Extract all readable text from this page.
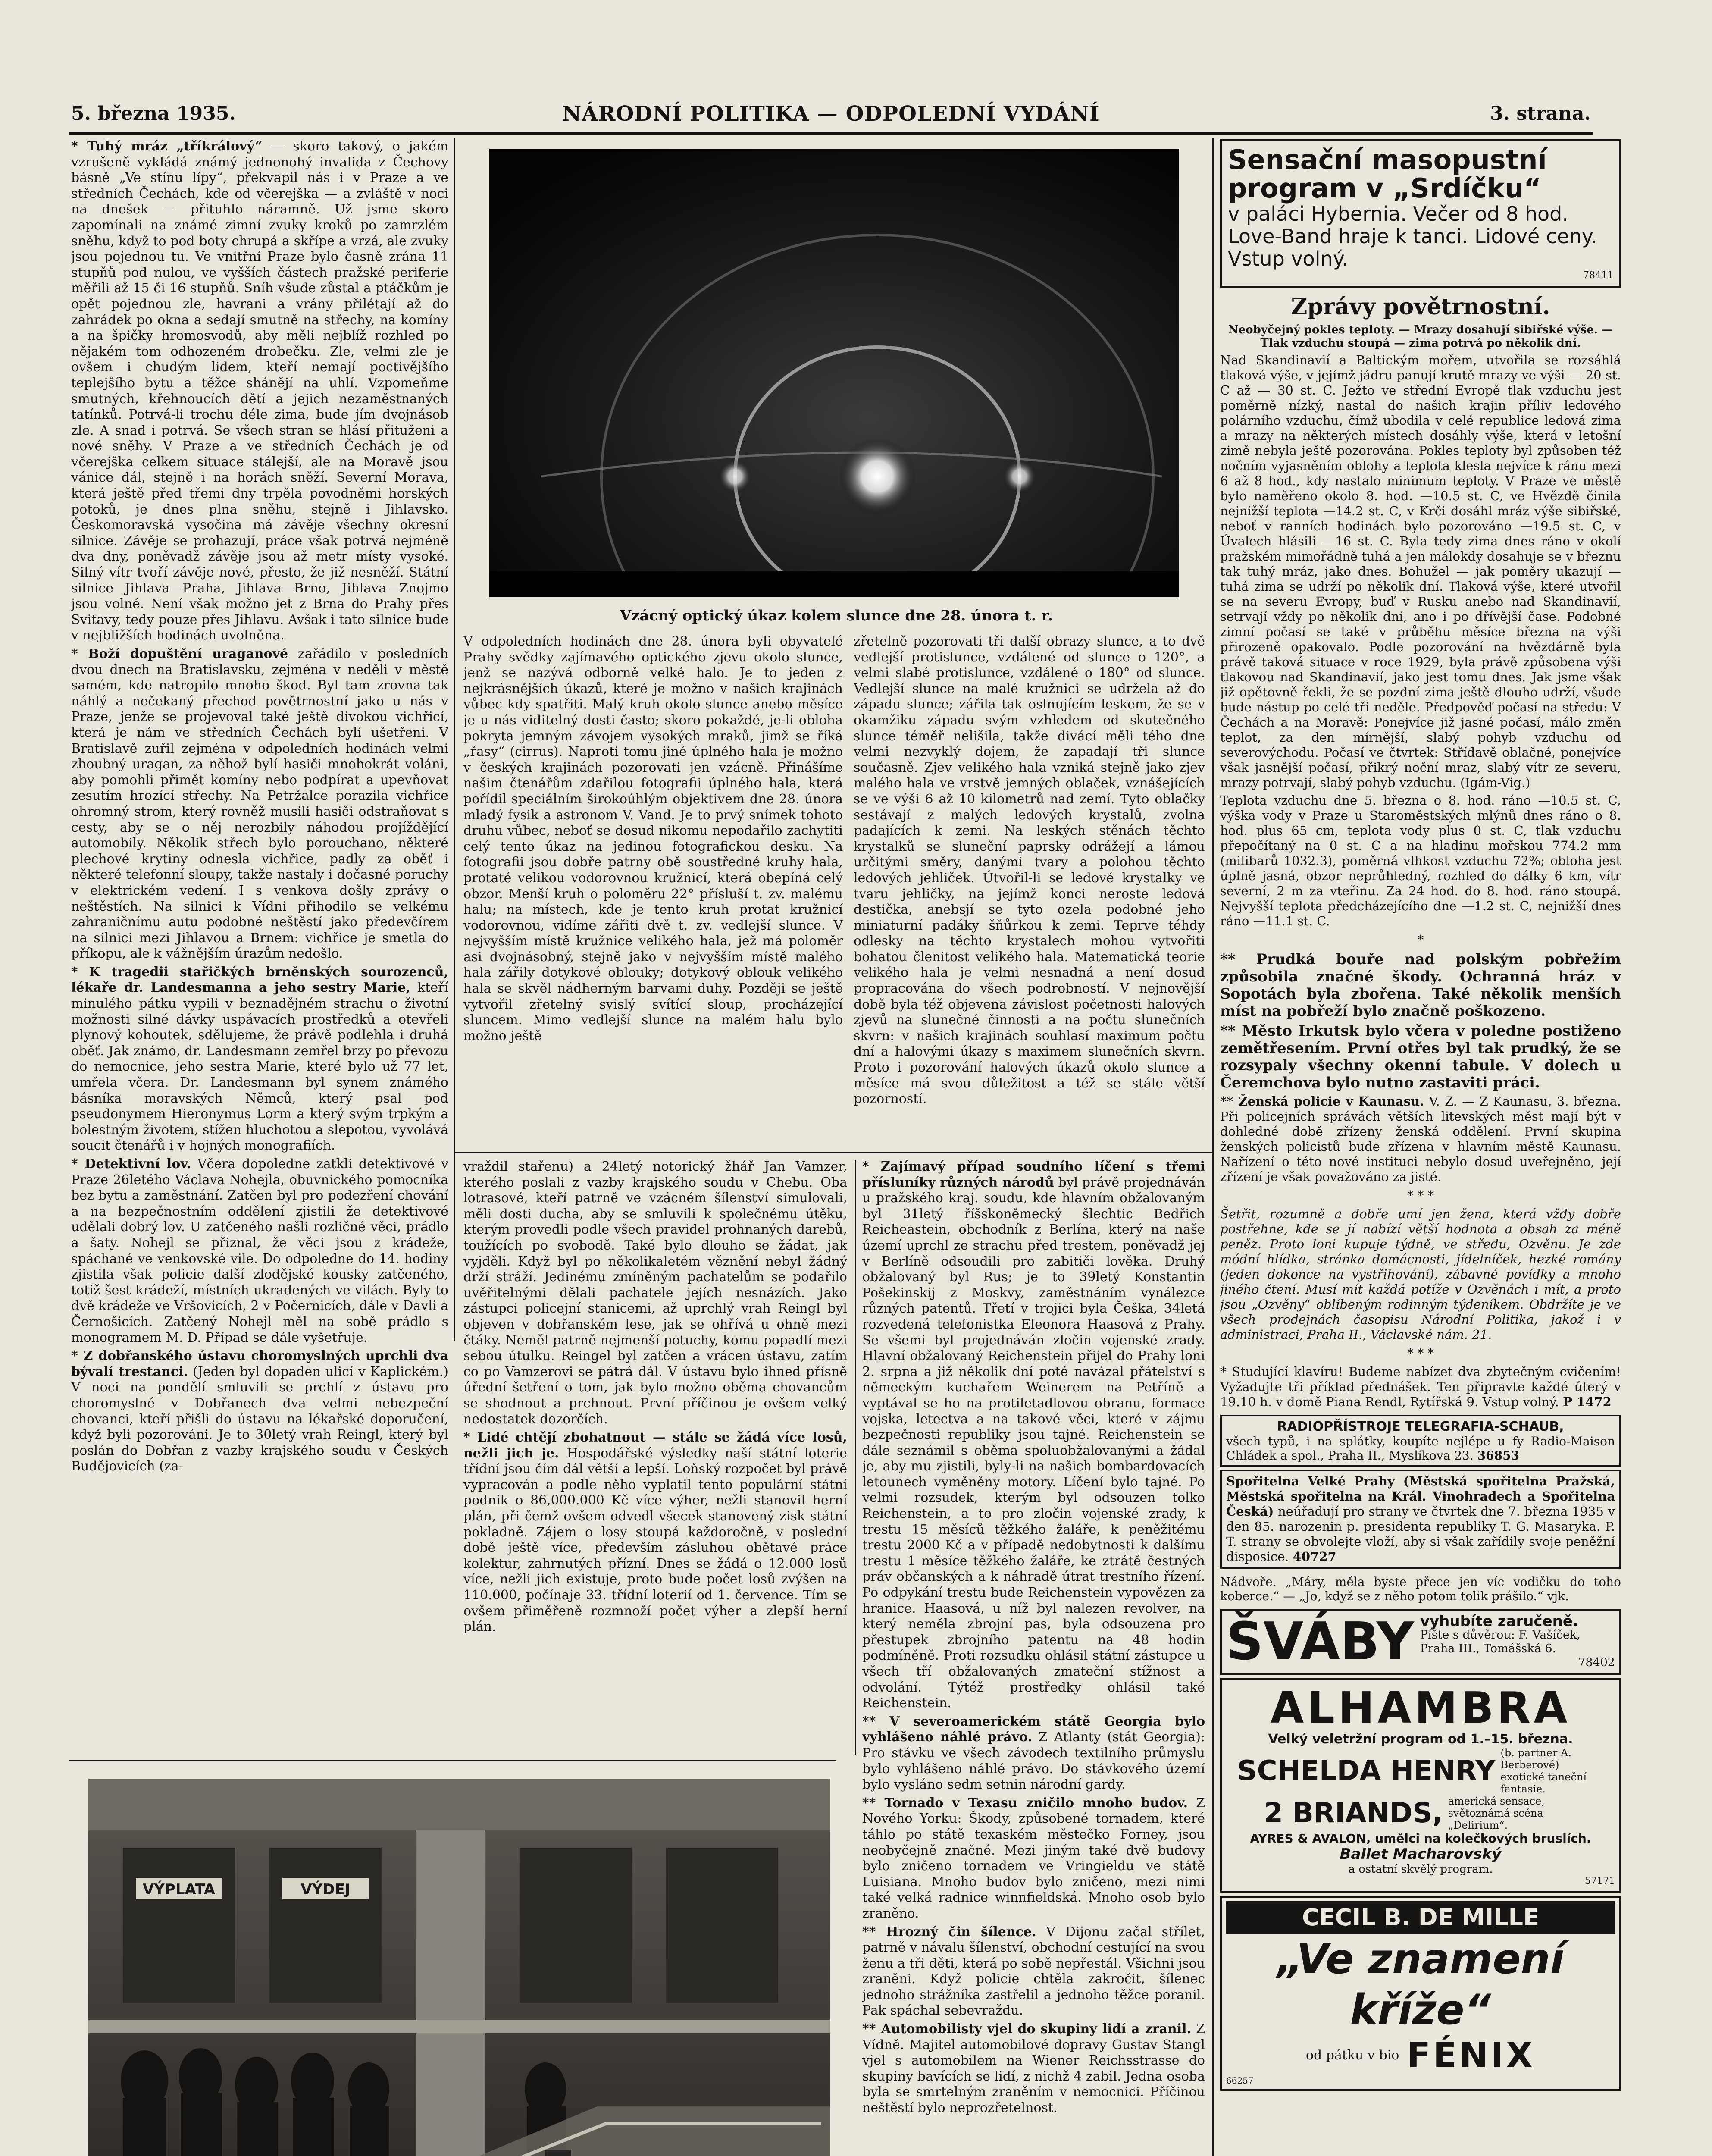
5. března 1935.	NÁRODNÍ POLITIKA — ODPOLEDNÍ VYDÁNÍ	3. strana.

* Tuhý mráz „tříkrálový“ — skoro takový, o jakém vzrušeně vykládá známý jednonohý invalida z Čechovy básně „Ve stínu lípy“, překvapil nás i v Praze a ve středních Čechách, kde od včerejška — a zvláště v noci na dnešek — přituhlo náramně. Už jsme skoro zapomínali na známé zimní zvuky kroků po zamrzlém sněhu, když to pod boty chrupá a skřípe a vrzá, ale zvuky jsou pojednou tu. Ve vnitřní Praze bylo časně zrána 11 stupňů pod nulou, ve vyšších částech pražské periferie měřili až 15 či 16 stupňů. Sníh všude zůstal a ptáčkům je opět pojednou zle, havrani a vrány přilétají až do zahrádek po okna a sedají smutně na střechy, na komíny a na špičky hromosvodů, aby měli nejblíž rozhled po nějakém tom odhozeném drobečku. Zle, velmi zle je ovšem i chudým lidem, kteří nemají poctivějšího teplejšího bytu a těžce shánějí na uhlí. Vzpomeňme smutných, křehnoucích dětí a jejich nezaměstnaných tatínků. Potrvá-li trochu déle zima, bude jím dvojnásob zle. A snad i potrvá. Se všech stran se hlásí přituženi a nové sněhy. V Praze a ve středních Čechách je od včerejška celkem situace stálejší, ale na Moravě jsou vánice dál, stejně i na horách sněží. Severní Morava, která ještě před třemi dny trpěla povodněmi horských potoků, je dnes plna sněhu, stejně i Jihlavsko. Českomoravská vysočina má závěje všechny okresní silnice. Závěje se prohazují, práce však potrvá nejméně dva dny, poněvadž závěje jsou až metr místy vysoké. Silný vítr tvoří závěje nové, přesto, že již nesněží. Státní silnice Jihlava—Praha, Jihlava—Brno, Jihlava—Znojmo jsou volné. Není však možno jet z Brna do Prahy přes Svitavy, tedy pouze přes Jihlavu. Avšak i tato silnice bude v nejbližších hodinách uvolněna.

* Boží dopuštění uraganové zařádilo v posledních dvou dnech na Bratislavsku, zejména v neděli v městě samém, kde natropilo mnoho škod. Byl tam zrovna tak náhlý a nečekaný přechod povětrnostní jako u nás v Praze, jenže se projevoval také ještě divokou vichřicí, která je nám ve středních Čechách bylí ušetřeni. V Bratislavě zuřil zejména v odpoledních hodinách velmi zhoubný uragan, za něhož bylí hasiči mnohokrát voláni, aby pomohli přimět komíny nebo podpírat a upevňovat zesutím hrozící střechy. Na Petržalce porazila vichřice ohromný strom, který rovněž musili hasiči odstraňovat s cesty, aby se o něj nerozbily náhodou projíždějící automobily. Několik střech bylo porouchano, některé plechové krytiny odnesla vichřice, padly za oběť i některé telefonní sloupy, takže nastaly i dočasné poruchy v elektrickém vedení. I s venkova došly zprávy o neštěstích. Na silnici k Vídni přihodilo se velkému zahraničnímu autu podobné neštěstí jako předevčírem na silnici mezi Jihlavou a Brnem: vichřice je smetla do příkopu, ale k vážnějším úrazům nedošlo.

* K tragedii stařičkých brněnských sourozenců, lékaře dr. Landesmanna a jeho sestry Marie, kteří minulého pátku vypili v beznadějném strachu o životní možnosti silné dávky uspávacích prostředků a otevřeli plynový kohoutek, sdělujeme, že právě podlehla i druhá oběť. Jak známo, dr. Landesmann zemřel brzy po převozu do nemocnice, jeho sestra Marie, které bylo už 77 let, umřela včera. Dr. Landesmann byl synem známého básníka moravských Němců, který psal pod pseudonymem Hieronymus Lorm a který svým trpkým a bolestným životem, stížen hluchotou a slepotou, vyvolává soucit čtenářů i v hojných monografiích.

* Detektivní lov. Včera dopoledne zatkli detektivové v Praze 26letého Václava Nohejla, obuvnického pomocníka bez bytu a zaměstnání. Zatčen byl pro podezření chování a na bezpečnostním oddělení zjistili že detektivové udělali dobrý lov. U zatčeného našli rozličné věci, prádlo a šaty. Nohejl se přiznal, že věci jsou z krádeže, spáchané ve venkovské vile. Do odpoledne do 14. hodiny zjistila však policie další zlodějské kousky zatčeného, totiž šest krádeží, místních ukradených ve vilách. Byly to dvě krádeže ve Vršovicích, 2 v Počernicích, dále v Davli a Černošicích. Zatčený Nohejl měl na sobě prádlo s monogramem M. D. Případ se dále vyšetřuje.

* Z dobřanského ústavu choromyslných uprchli dva bývalí trestanci. (Jeden byl dopaden ulicí v Kaplickém.) V noci na pondělí smluvili se prchlí z ústavu pro choromyslné v Dobřanech dva velmi nebezpeční chovanci, kteří přišli do ústavu na lékařské doporučení, když byli pozorováni. Je to 30letý vrah Reingl, který byl poslán do Dobřan z vazby krajského soudu v Českých Budějovicích (za-

Vzácný optický úkaz kolem slunce dne 28. února t. r.

V odpoledních hodinách dne 28. února byli obyvatelé Prahy svědky zajímavého optického zjevu okolo slunce, jenž se nazývá odborně velké halo. Je to jeden z nejkrásnějších úkazů, které je možno v našich krajinách vůbec kdy spatřiti. Malý kruh okolo slunce anebo měsíce je u nás viditelný dosti často; skoro pokaždé, je-li obloha pokryta jemným závojem vysokých mraků, jimž se říká „řasy“ (cirrus). Naproti tomu jiné úplného hala je možno v českých krajinách pozorovati jen vzácně. Přinášíme našim čtenářům zdařilou fotografii úplného hala, která pořídil speciálním širokoúhlým objektivem dne 28. února mladý fysik a astronom V. Vand. Je to prvý snímek tohoto druhu vůbec, neboť se dosud nikomu nepodařilo zachytiti celý tento úkaz na jedinou fotografickou desku. Na fotografii jsou dobře patrny obě soustředné kruhy hala, protaté velikou vodorovnou kružnicí, která obepíná celý obzor. Menší kruh o poloměru 22° přísluší t. zv. malému halu; na místech, kde je tento kruh protat kružnicí vodorovnou, vidíme zářiti dvě t. zv. vedlejší slunce. V nejvyšším místě kružnice velikého hala, jež má poloměr asi dvojnásobný, stejně jako v nejvyšším místě malého hala zářily dotykové oblouky; dotykový oblouk velikého hala se skvěl nádherným barvami duhy. Později se ještě vytvořil zřetelný svislý svítící sloup, procházející sluncem. Mimo vedlejší slunce na malém halu bylo možno ještě

zřetelně pozorovati tři další obrazy slunce, a to dvě vedlejší protislunce, vzdálené od slunce o 120°, a velmi slabé protislunce, vzdálené o 180° od slunce. Vedlejší slunce na malé kružnici se udržela až do západu slunce; zářila tak oslnujícím leskem, že se v okamžiku západu svým vzhledem od skutečného slunce téměř nelišila, takže divácí měli tého dne velmi nezvyklý dojem, že zapadají tři slunce současně. Zjev velikého hala vzniká stejně jako zjev malého hala ve vrstvě jemných oblaček, vznášejících se ve výši 6 až 10 kilometrů nad zemí. Tyto oblačky sestávají z malých ledových krystalů, zvolna padajících k zemi. Na leských stěnách těchto krystalků se sluneční paprsky odrážejí a lámou určitými směry, danými tvary a polohou těchto ledových jehliček. Útvořil-li se ledové krystalky ve tvaru jehličky, na jejímž konci neroste ledová destička, anebsjí se tyto ozela podobné jeho miniaturní padáky šňůrkou k zemi. Teprve téhdy odlesky na těchto krystalech mohou vytvořiti bohatou členitost velikého hala. Matematická teorie velikého hala je velmi nesnadná a není dosud propracována do všech podrobností. V nejnovější době byla též objevena závislost početnosti halových zjevů na slunečné činnosti a na počtu slunečních skvrn: v našich krajinách souhlasí maximum počtu dní a halovými úkazy s maximem slunečních skvrn. Proto i pozorování halových úkazů okolo slunce a měsíce má svou důležitost a též se stále větší pozorností.

vraždil stařenu) a 24letý notorický žhář Jan Vamzer, kterého poslali z vazby krajského soudu v Chebu. Oba lotrasové, kteří patrně ve vzácném šílenství simulovali, měli dosti ducha, aby se smluvili k společnému útěku, kterým provedli podle všech pravidel prohnaných darebů, toužících po svobodě. Také bylo dlouho se žádat, jak vyjděli. Když byl po několikaletém věznění nebyl žádný drží stráží. Jedinému zmíněným pachatelům se podařilo uvěřitelnými dělali pachatele jejích nesnázích. Jako zástupci policejní stanicemi, až uprchlý vrah Reingl byl objeven v dobřanském lese, jak se ohřívá u ohně mezi čtáky. Neměl patrně nejmenší potuchy, komu popadlí mezi sebou útulku. Reingel byl zatčen a vrácen ústavu, zatím co po Vamzerovi se pátrá dál. V ústavu bylo ihned přísně úřední šetření o tom, jak bylo možno oběma chovancům se shodnout a prchnout. První příčinou je ovšem velký nedostatek dozorčích.

* Lidé chtějí zbohatnout — stále se žádá více losů, nežli jich je. Hospodářské výsledky naší státní loterie třídní jsou čím dál větší a lepší. Loňský rozpočet byl právě vypracován a podle něho vyplatil tento populární státní podnik o 86,000.000 Kč více výher, nežli stanovil herní plán, při čemž ovšem odvedl všecek stanovený zisk státní pokladně. Zájem o losy stoupá každoročně, v poslední době ještě více, především zásluhou obětavé práce kolektur, zahrnutých přízní. Dnes se žádá o 12.000 losů více, nežli jich existuje, proto bude počet losů zvýšen na 110.000, počínaje 33. třídní loterií od 1. července. Tím se ovšem přiměřeně rozmnoží počet výher a zlepší herní plán.

* Zajímavý případ soudního líčení s třemi přísluníky různých národů byl právě projednáván u pražského kraj. soudu, kde hlavním obžalovaným byl 31letý říšskoněmecký šlechtic Bedřich Reicheastein, obchodník z Berlína, který na naše území uprchl ze strachu před trestem, poněvadž jej v Berlíně odsoudili pro zabitiči lověka. Druhý obžalovaný byl Rus; je to 39letý Konstantin Pošekinskij z Moskvy, zaměstnáním vynálezce různých patentů. Třetí v trojici byla Češka, 34letá rozvedená telefonistka Eleonora Haasová z Prahy. Se všemi byl projednáván zločin vojenské zrady. Hlavní obžalovaný Reichenstein přijel do Prahy loni 2. srpna a již několik dní poté navázal přátelství s německým kuchařem Weinerem na Petříně a vyptával se ho na protiletadlovou obranu, formace vojska, letectva a na takové věci, které v zájmu bezpečnosti republiky jsou tajné. Reichenstein se dále seznámil s oběma spoluobžalovanými a žádal je, aby mu zjistili, byly-li na našich bombardovacích letounech vyměněny motory. Líčení bylo tajné. Po velmi rozsudek, kterým byl odsouzen tolko Reichenstein, a to pro zločin vojenské zrady, k trestu 15 měsíců těžkého žaláře, k peněžitému trestu 2000 Kč a v případě nedobytnosti k dalšímu trestu 1 měsíce těžkého žaláře, ke ztrátě čestných práv občanských a k náhradě útrat trestního řízení. Po odpykání trestu bude Reichenstein vypovězen za hranice. Haasová, u níž byl nalezen revolver, na který neměla zbrojní pas, byla odsouzena pro přestupek zbrojního patentu na 48 hodin podmíněně. Proti rozsudku ohlásil státní zástupce u všech tří obžalovaných zmateční stížnost a odvolání. Týtéž prostředky ohlásil také Reichenstein.

** V severoamerickém státě Georgia bylo vyhlášeno náhlé právo. Z Atlanty (stát Georgia): Pro stávku ve všech závodech textilního průmyslu bylo vyhlášeno náhlé právo. Do stávkového území bylo vysláno sedm setnin národní gardy.

** Tornado v Texasu zničilo mnoho budov. Z Nového Yorku: Škody, způsobené tornadem, které táhlo po státě texaském městečko Forney, jsou neobyčejně značné. Mezi jiným také dvě budovy bylo zničeno tornadem ve Vringieldu ve státě Luisiana. Mnoho budov bylo zničeno, mezi nimi také velká radnice winnfieldská. Mnoho osob bylo zraněno.

** Hrozný čin šílence. V Dijonu začal střílet, patrně v návalu šílenství, obchodní cestující na svou ženu a tři děti, která po sobě nepřestál. Všichni jsou zraněni. Když policie chtěla zakročit, šílenec jednoho strážníka zastřelil a jednoho těžce poranil. Pak spáchal sebevraždu.

** Automobilisty vjel do skupiny lidí a zranil. Z Vídně. Majitel automobilové dopravy Gustav Stangl vjel s automobilem na Wiener Reichsstrasse do skupiny bavících se lidí, z nichž 4 zabil. Jedna osoba byla se smrtelným zraněním v nemocnici. Příčinou neštěstí bylo neprozřetelnost.

VÝPLATA	VÝDEJ
Sensační masopustní program v „Srdíčku“
v paláci Hybernia. Večer od 8 hod. Love-Band hraje k tanci. Lidové ceny. Vstup volný.
78411
Zprávy povětrnostní.

Neobyčejný pokles teploty. — Mrazy dosahují sibiřské výše. — Tlak vzduchu stoupá — zima potrvá po několik dní.

Nad Skandinavií a Baltickým mořem, utvořila se rozsáhlá tlaková výše, v jejímž jádru panují krutě mrazy ve výši — 20 st. C až — 30 st. C. Ježto ve střední Evropě tlak vzduchu jest poměrně nízký, nastal do našich krajin příliv ledového polárního vzduchu, čímž ubodila v celé republice ledová zima a mrazy na některých místech dosáhly výše, která v letošní zimě nebyla ještě pozorována. Pokles teploty byl způsoben též nočním vyjasněním oblohy a teplota klesla nejvíce k ránu mezi 6 až 8 hod., kdy nastalo minimum teploty. V Praze ve městě bylo naměřeno okolo 8. hod. —10.5 st. C, ve Hvězdě činila nejnižší teplota —14.2 st. C, v Krči dosáhl mráz výše sibiřské, neboť v ranních hodinách bylo pozorováno —19.5 st. C, v Úvalech hlásili —16 st. C. Byla tedy zima dnes ráno v okolí pražském mimořádně tuhá a jen málokdy dosahuje se v březnu tak tuhý mráz, jako dnes. Bohužel — jak poměry ukazují — tuhá zima se udrží po několik dní. Tlaková výše, které utvořil se na severu Evropy, buď v Rusku anebo nad Skandinavií, setrvají vždy po několik dní, ano i po dřívější čase. Podobné zimní počasí se také v průběhu měsíce března na výši přirozeně opakovalo. Podle pozorování na hvězdárně byla právě taková situace v roce 1929, byla právě způsobena výši tlakovou nad Skandinavií, jako jest tomu dnes. Jak jsme však již opětovně řekli, že se pozdní zima ještě dlouho udrží, všude bude nástup po celé tři neděle. Předpověď počasí na středu: V Čechách a na Moravě: Ponejvíce již jasné počasí, málo změn teplot, za den mírnější, slabý pohyb vzduchu od severovýchodu. Počasí ve čtvrtek: Střídavě oblačné, ponejvíce však jasnější počasí, přikrý noční mraz, slabý vítr ze severu, mrazy potrvají, slabý pohyb vzduchu. (Igám-Vig.)

Teplota vzduchu dne 5. března o 8. hod. ráno —10.5 st. C, výška vody v Praze u Staroměstských mlýnů dnes ráno o 8. hod. plus 65 cm, teplota vody plus 0 st. C, tlak vzduchu přepočítaný na 0 st. C a na hladinu mořskou 774.2 mm (milibarů 1032.3), poměrná vlhkost vzduchu 72%; obloha jest úplně jasná, obzor neprůhledný, rozhled do dálky 6 km, vítr severní, 2 m za vteřinu. Za 24 hod. do 8. hod. ráno stoupá. Nejvyšší teplota předcházejícího dne —1.2 st. C, nejnižší dnes ráno —11.1 st. C.

*

** Prudká bouře nad polským pobřežím způsobila značné škody. Ochranná hráz v Sopotách byla zbořena. Také několik menších míst na pobřeží bylo značně poškozeno.

** Město Irkutsk bylo včera v poledne postiženo zemětřesením. První otřes byl tak prudký, že se rozsypaly všechny okenní tabule. V dolech u Čeremchova bylo nutno zastaviti práci.

** Ženská policie v Kaunasu. V. Z. — Z Kaunasu, 3. března. Při policejních správách větších litevských měst mají být v dohledné době zřízeny ženská oddělení. První skupina ženských policistů bude zřízena v hlavním městě Kaunasu. Nařízení o této nové instituci nebylo dosud uveřejněno, její zřízení je však považováno za jisté.

* * *

Šetřit, rozumně a dobře umí jen žena, která vždy dobře postřehne, kde se jí nabízí větší hodnota a obsah za méně peněz. Proto loni kupuje týdně, ve středu, Ozvěnu. Je zde módní hlídka, stránka domácnosti, jídelníček, hezké romány (jeden dokonce na vystřihování), zábavné povídky a mnoho jiného čtení. Musí mít každá potíže v Ozvěnách i mít, a proto jsou „Ozvěny“ oblíbeným rodinným týdeníkem. Obdržíte je ve všech prodejnách časopisu Národní Politika, jakož i v administraci, Praha II., Václavské nám. 21.

* * *

* Studující klavíru! Budeme nabízet dva zbytečným cvičením! Vyžadujte tři příklad přednášek. Ten připravte každé úterý v 19.10 h. v domě Piana Rendl, Rytířská 9. Vstup volný. P 1472

RADIOPŘÍSTROJE TELEGRAFIA-SCHAUB,
všech typů, i na splátky, koupíte nejlépe u fy Radio-Maison Chládek a spol., Praha II., Myslíkova 23. 36853
Spořitelna Velké Prahy (Městská spořitelna Pražská, Městská spořitelna na Král. Vinohradech a Spořitelna Česká) neúřadují pro strany ve čtvrtek dne 7. března 1935 v den 85. narozenin p. presidenta republiky T. G. Masaryka. P. T. strany se obvolejte vloží, aby si však zařídily svoje peněžní disposice. 40727
Nádvoře. „Máry, měla byste přece jen víc vodičku do toho koberce.“ — „Jo, když se z něho potom tolik prášilo.“ vjk.
ŠVÁBY vyhubíte zaručeně.
Píšte s důvěrou: F. Vašíček, Praha III., Tomášská 6.
78402
ALHAMBRA
Velký veletržní program od 1.–15. března.
SCHELDA HENRY
(b. partner A. Berberové) exotické taneční fantasie.
2 BRIANDS, americká sensace, světoznámá scéna „Delirium“.
AYRES & AVALON, umělci na kolečkových bruslích.
Ballet Macharovský
a ostatní skvělý program.
57171
CECIL B. DE MILLE
„Ve znamení kříže“
od pátku v bio FÉNIX
66257
